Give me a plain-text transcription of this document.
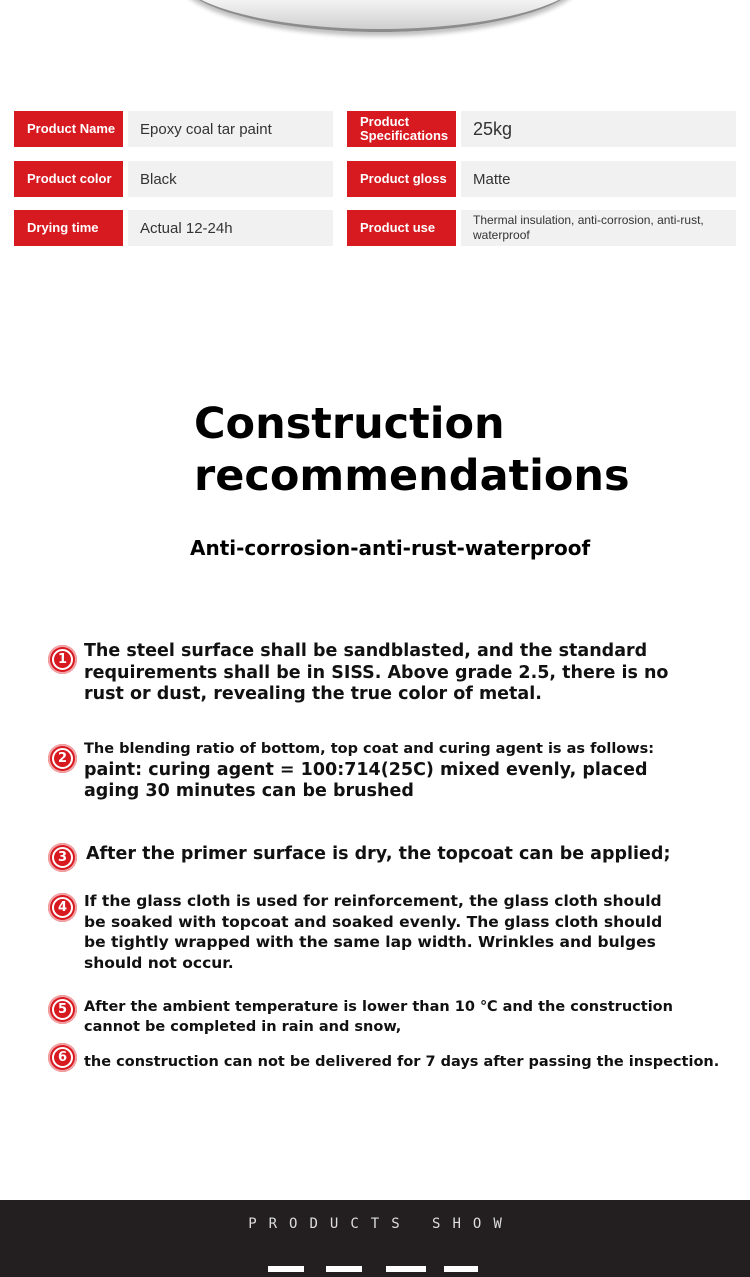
Product Name	Epoxy coal tar paint	Product Specifications	25kg
Product color	Black	Product gloss	Matte
Drying time	Actual 12-24h	Product use	Thermal insulation, anti-corrosion, anti-rust, waterproof
Construction recommendations
Anti-corrosion-anti-rust-waterproof
1 The steel surface shall be sandblasted, and the standard requirements shall be in SISS. Above grade 2.5, there is no rust or dust, revealing the true color of metal.
2
The blending ratio of bottom, top coat and curing agent is as follows:
paint: curing agent = 100:714(25C) mixed evenly, placed aging 30 minutes can be brushed
3	After the primer surface is dry, the topcoat can be applied;
4	If the glass cloth is used for reinforcement, the glass cloth should be soaked with topcoat and soaked evenly. The glass cloth should be tightly wrapped with the same lap width. Wrinkles and bulges should not occur.
5	After the ambient temperature is lower than 10 ℃ and the construction cannot be completed in rain and snow,
6	the construction can not be delivered for 7 days after passing the inspection.
PRODUCTS SHOW
